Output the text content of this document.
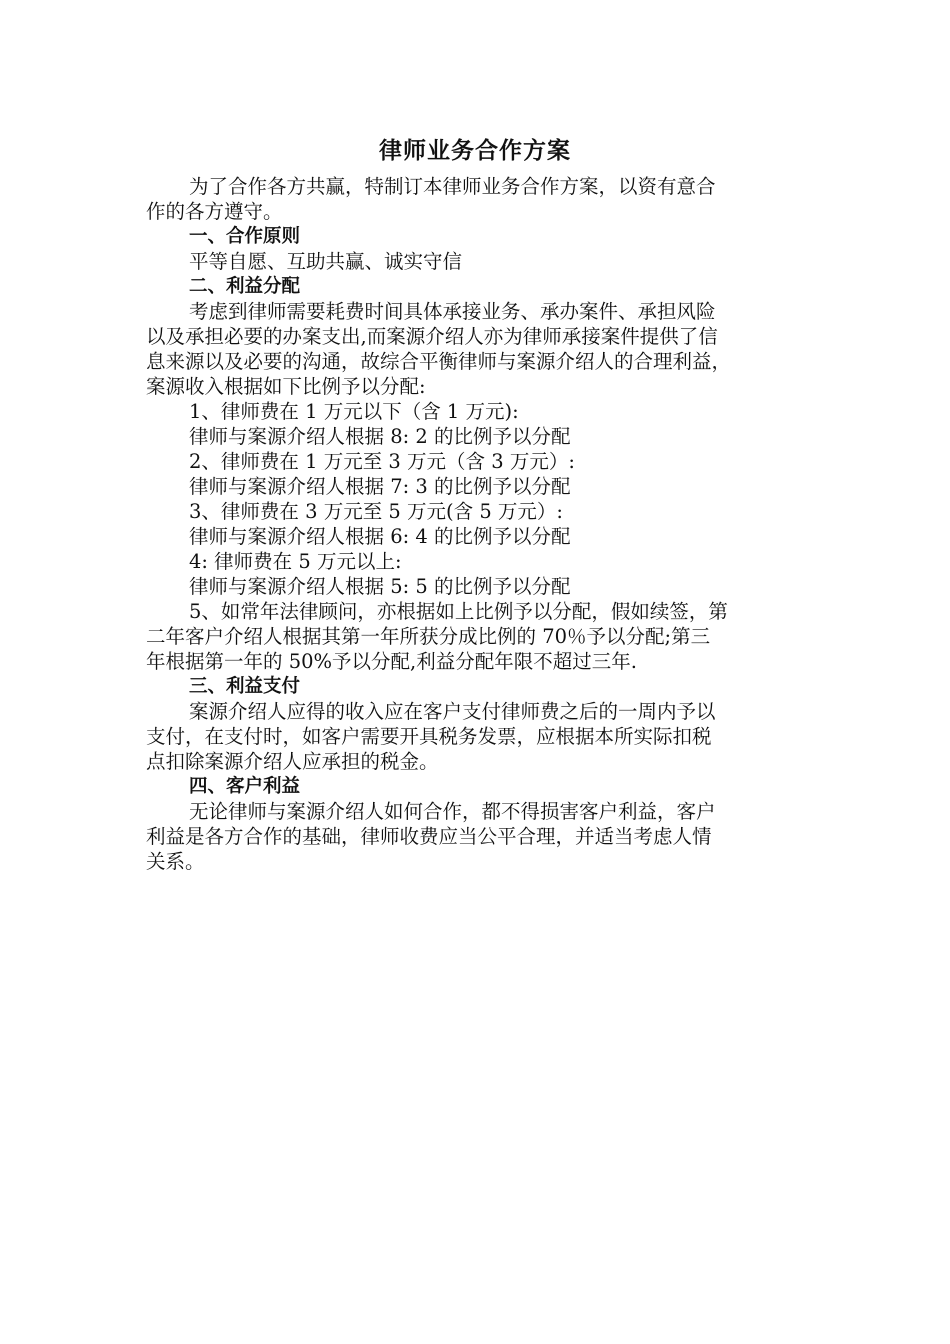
律师业务合作方案
为了合作各方共赢，特制订本律师业务合作方案，以资有意合
作的各方遵守。
一、合作原则
平等自愿、互助共赢、诚实守信
二、利益分配
考虑到律师需要耗费时间具体承接业务、承办案件、承担风险
以及承担必要的办案支出,而案源介绍人亦为律师承接案件提供了信
息来源以及必要的沟通，故综合平衡律师与案源介绍人的合理利益，
案源收入根据如下比例予以分配:
1、律师费在 1 万元以下（含 1 万元):
律师与案源介绍人根据 8: 2 的比例予以分配
2、律师费在 1 万元至 3 万元（含 3 万元）:
律师与案源介绍人根据 7: 3 的比例予以分配
3、律师费在 3 万元至 5 万元(含 5 万元）:
律师与案源介绍人根据 6: 4 的比例予以分配
4: 律师费在 5 万元以上:
律师与案源介绍人根据 5: 5 的比例予以分配
5、如常年法律顾问，亦根据如上比例予以分配，假如续签，第
二年客户介绍人根据其第一年所获分成比例的 70％予以分配;第三
年根据第一年的 50%予以分配,利益分配年限不超过三年.
三、利益支付
案源介绍人应得的收入应在客户支付律师费之后的一周内予以
支付，在支付时，如客户需要开具税务发票，应根据本所实际扣税
点扣除案源介绍人应承担的税金。
四、客户利益
无论律师与案源介绍人如何合作，都不得损害客户利益，客户
利益是各方合作的基础，律师收费应当公平合理，并适当考虑人情
关系。
